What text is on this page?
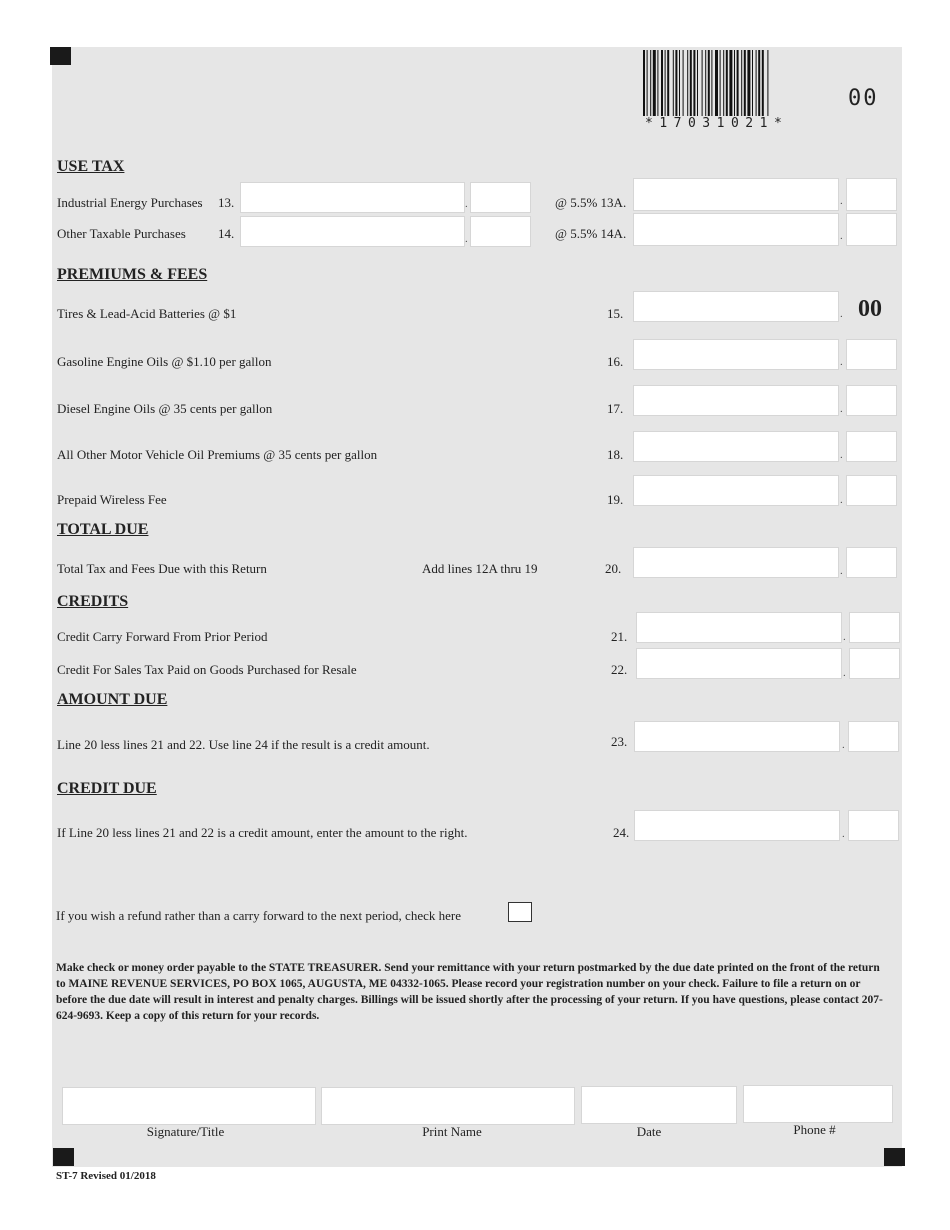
*17031021*
00
USE TAX
Industrial Energy Purchases 13.	.	@ 5.5% 13A.	.
Other Taxable Purchases 14.	.	@ 5.5% 14A.	.
PREMIUMS & FEES
Tires & Lead-Acid Batteries @ $1	15.	. 00
Gasoline Engine Oils @ $1.10 per gallon	16.	.
Diesel Engine Oils @ 35 cents per gallon	17.	.
All Other Motor Vehicle Oil Premiums @ 35 cents per gallon	18.	.
Prepaid Wireless Fee	19.	.
TOTAL DUE
Total Tax and Fees Due with this Return	Add lines 12A thru 19	20.	.
CREDITS
Credit Carry Forward From Prior Period	21.	.
Credit For Sales Tax Paid on Goods Purchased for Resale	22.	.
AMOUNT DUE
Line 20 less lines 21 and 22. Use line 24 if the result is a credit amount.	23.	.
CREDIT DUE
If Line 20 less lines 21 and 22 is a credit amount, enter the amount to the right.	24.	.
If you wish a refund rather than a carry forward to the next period, check here
Make check or money order payable to the STATE TREASURER. Send your remittance with your return postmarked by the due date printed on the front of the return to MAINE REVENUE SERVICES, PO BOX 1065, AUGUSTA, ME 04332-1065. Please record your registration number on your check. Failure to file a return on or before the due date will result in interest and penalty charges. Billings will be issued shortly after the processing of your return. If you have questions, please contact 207-624-9693. Keep a copy of this return for your records.
Signature/Title	Print Name	Date	Phone #
ST-7 Revised 01/2018
